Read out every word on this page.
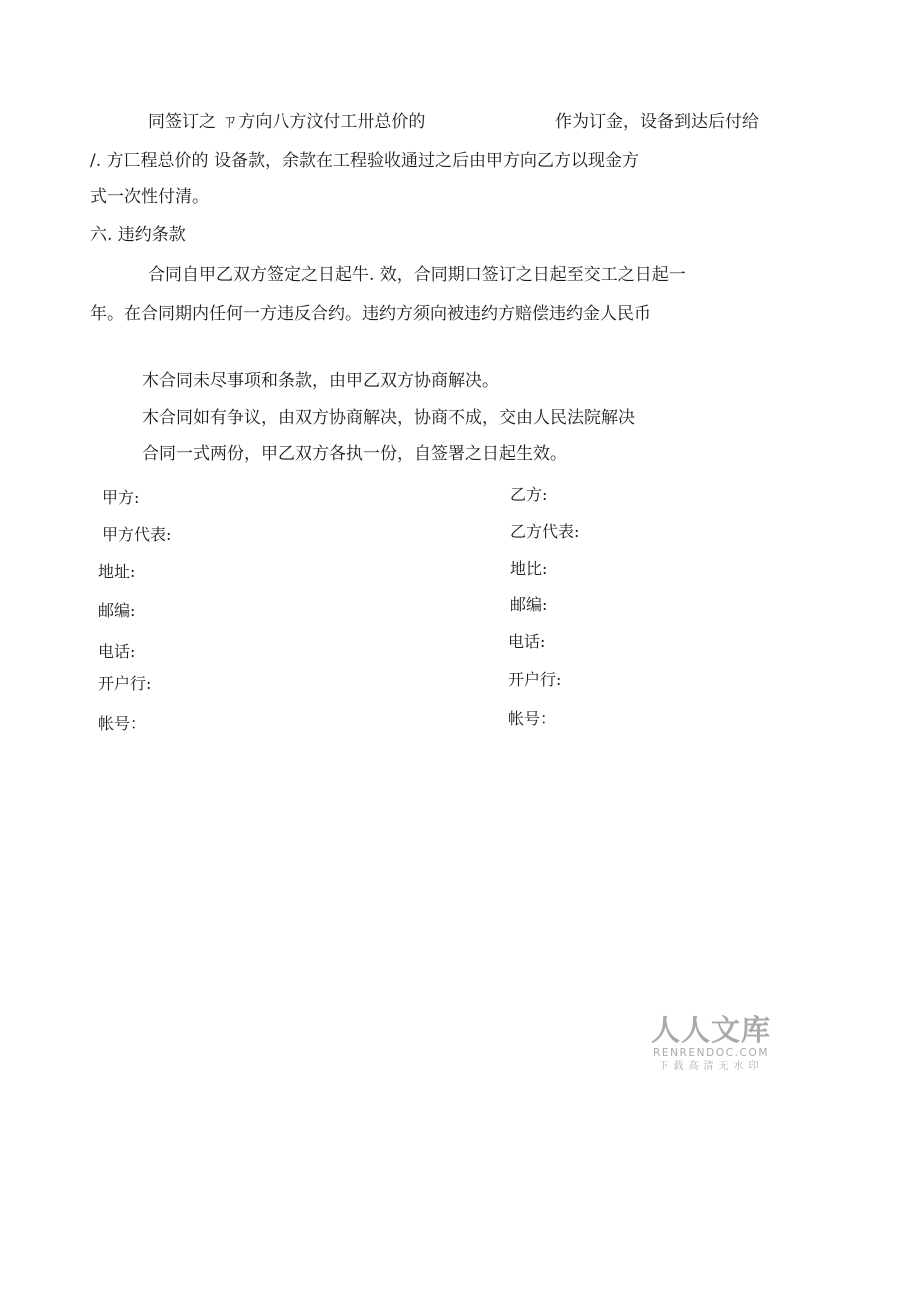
同签订之 ㄗ方向八方汶付工卅总价的	作为订金，设备到达后付给
/. 方匸程总价的 设备款，余款在工程验收通过之后由甲方向乙方以现金方
式一次性付清。
六. 违约条款
合同自甲乙双方签定之日起牛. 效，合同期口签订之日起至交工之日起一
年。在合同期内任何一方违反合约。违约方须向被违约方赔偿违约金人民币
木合同未尽事项和条款，由甲乙双方协商解决。
木合同如有争议，由双方协商解决，协商不成，交由人民法院解决
合同一式两份，甲乙双方各执一份，自签署之日起生效。
甲方:
甲方代表:
地址:
邮编:
电话:
开户行:
帐号：
乙方:
乙方代表:
地比:
邮编:
电话:
开户行:
帐号：
人人文库
RENRENDOC.COM
下载高清无水印
